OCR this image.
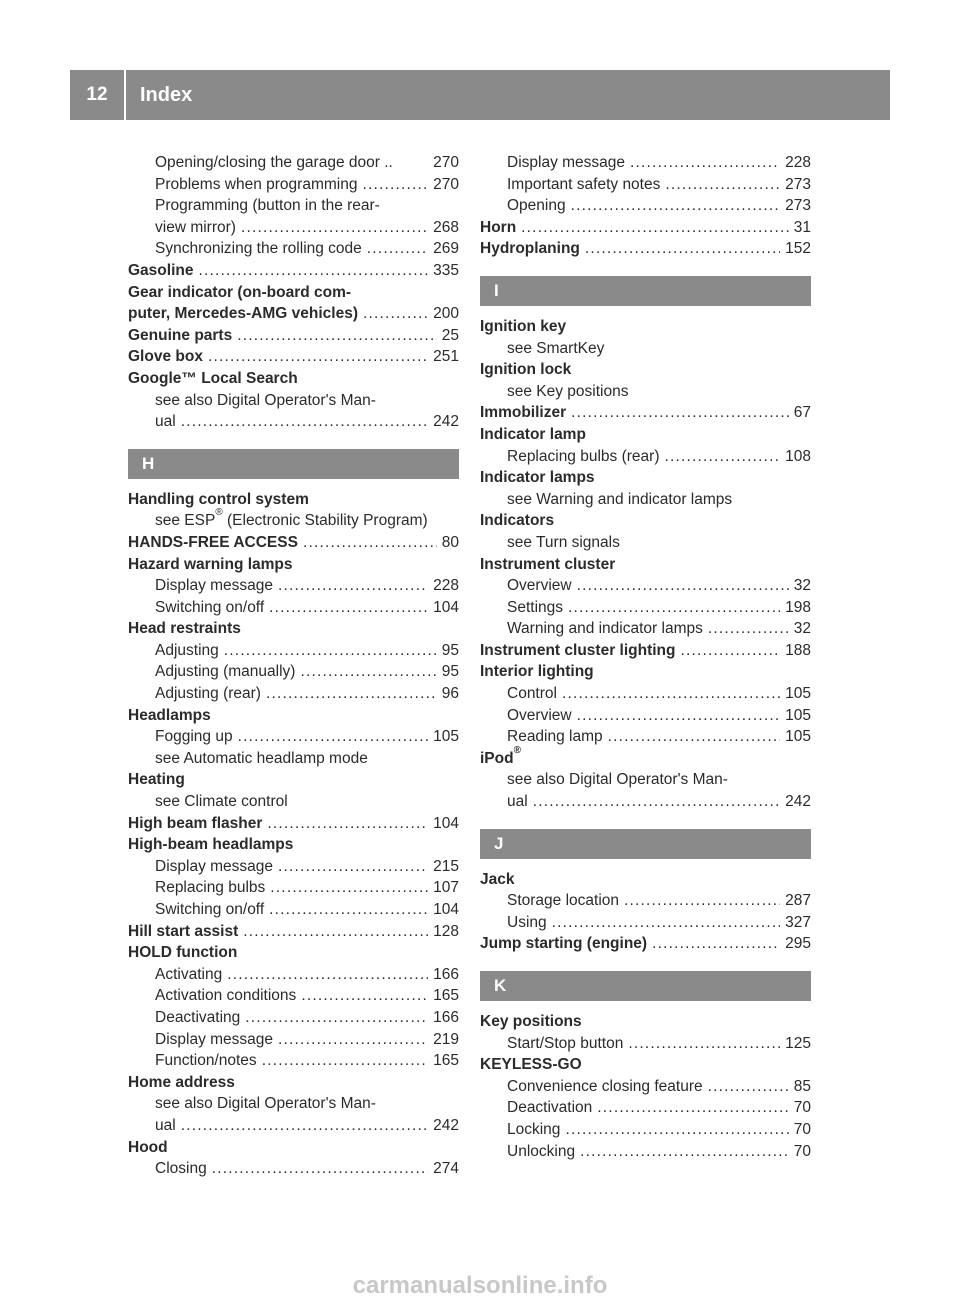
12	Index
Opening/closing the garage door ..	270
Problems when programming .....	270
Programming (button in the rear-
view mirror) .....	268
Synchronizing the rolling code .....	269
Gasoline .....	335
Gear indicator (on-board com-
puter, Mercedes-AMG vehicles) .....	200
Genuine parts .....	25
Glove box .....	251
Google™ Local Search
see also Digital Operator's Man-
ual .....	242
H
Handling control system
see ESP® (Electronic Stability Program)
HANDS-FREE ACCESS .....	80
Hazard warning lamps
Display message .....	228
Switching on/off .....	104
Head restraints
Adjusting .....	95
Adjusting (manually) .....	95
Adjusting (rear) .....	96
Headlamps
Fogging up .....	105
see Automatic headlamp mode
Heating
see Climate control
High beam flasher .....	104
High-beam headlamps
Display message .....	215
Replacing bulbs .....	107
Switching on/off .....	104
Hill start assist .....	128
HOLD function
Activating .....	166
Activation conditions .....	165
Deactivating .....	166
Display message .....	219
Function/notes .....	165
Home address
see also Digital Operator's Man-
ual .....	242
Hood
Closing .....	274
Display message .....	228
Important safety notes .....	273
Opening .....	273
Horn .....	31
Hydroplaning .....	152
I
Ignition key
see SmartKey
Ignition lock
see Key positions
Immobilizer .....	67
Indicator lamp
Replacing bulbs (rear) .....	108
Indicator lamps
see Warning and indicator lamps
Indicators
see Turn signals
Instrument cluster
Overview .....	32
Settings .....	198
Warning and indicator lamps .....	32
Instrument cluster lighting .....	188
Interior lighting
Control .....	105
Overview .....	105
Reading lamp .....	105
iPod®
see also Digital Operator's Man-
ual .....	242
J
Jack
Storage location .....	287
Using .....	327
Jump starting (engine) .....	295
K
Key positions
Start/Stop button .....	125
KEYLESS-GO
Convenience closing feature .....	85
Deactivation .....	70
Locking .....	70
Unlocking .....	70
carmanualsonline.info
